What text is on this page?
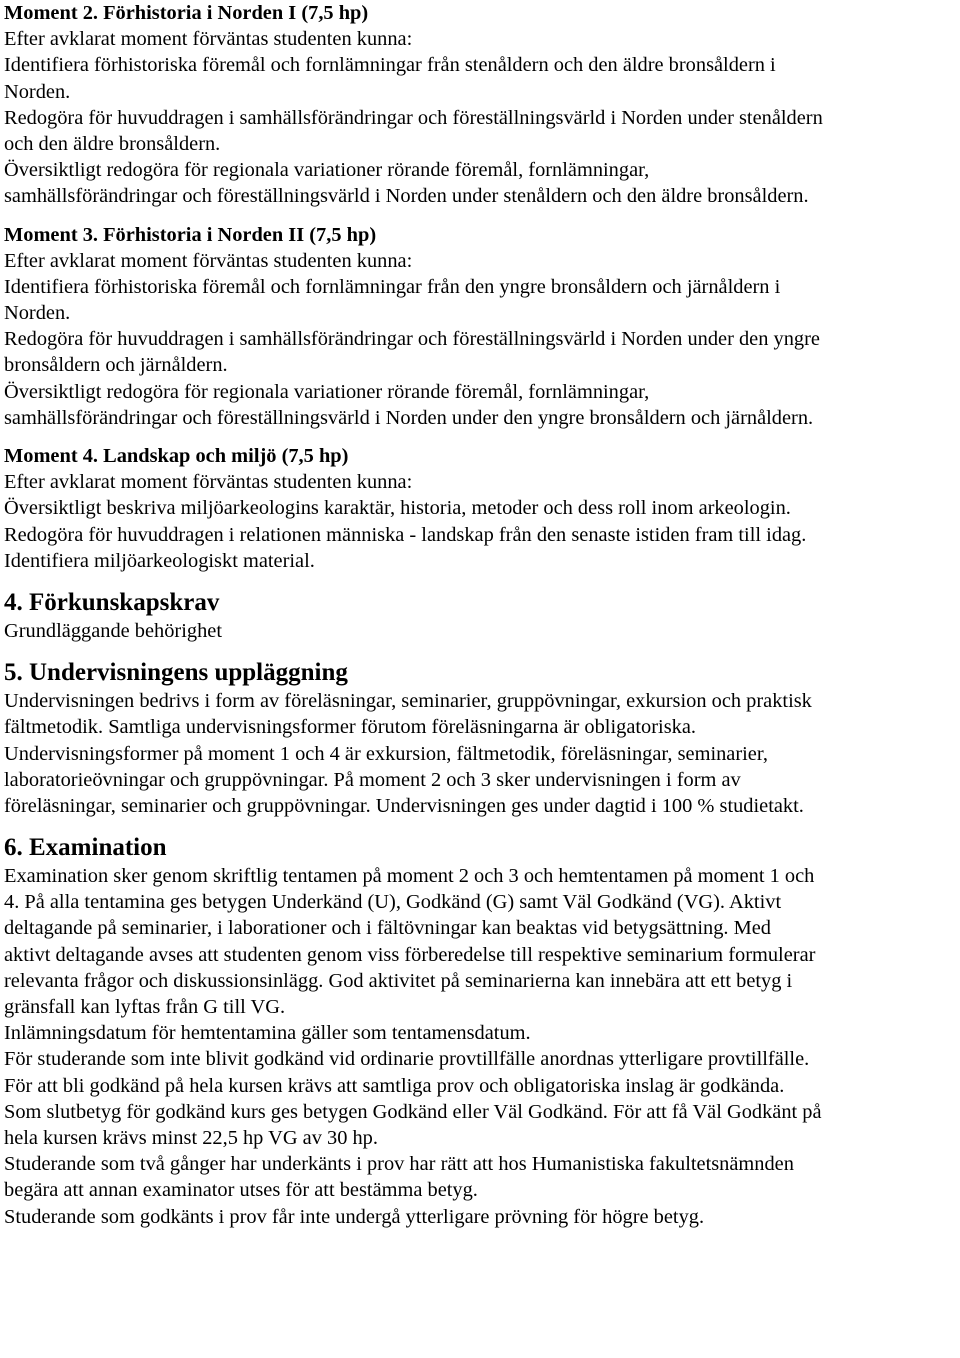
Moment 2. Förhistoria i Norden I (7,5 hp)
Efter avklarat moment förväntas studenten kunna:
Identifiera förhistoriska föremål och fornlämningar från stenåldern och den äldre bronsåldern i
Norden.
Redogöra för huvuddragen i samhällsförändringar och föreställningsvärld i Norden under stenåldern
och den äldre bronsåldern.
Översiktligt redogöra för regionala variationer rörande föremål, fornlämningar,
samhällsförändringar och föreställningsvärld i Norden under stenåldern och den äldre bronsåldern.
Moment 3. Förhistoria i Norden II (7,5 hp)
Efter avklarat moment förväntas studenten kunna:
Identifiera förhistoriska föremål och fornlämningar från den yngre bronsåldern och järnåldern i
Norden.
Redogöra för huvuddragen i samhällsförändringar och föreställningsvärld i Norden under den yngre
bronsåldern och järnåldern.
Översiktligt redogöra för regionala variationer rörande föremål, fornlämningar,
samhällsförändringar och föreställningsvärld i Norden under den yngre bronsåldern och järnåldern.
Moment 4. Landskap och miljö (7,5 hp)
Efter avklarat moment förväntas studenten kunna:
Översiktligt beskriva miljöarkeologins karaktär, historia, metoder och dess roll inom arkeologin.
Redogöra för huvuddragen i relationen människa - landskap från den senaste istiden fram till idag.
Identifiera miljöarkeologiskt material.
4. Förkunskapskrav
Grundläggande behörighet
5. Undervisningens uppläggning
Undervisningen bedrivs i form av föreläsningar, seminarier, gruppövningar, exkursion och praktisk
fältmetodik. Samtliga undervisningsformer förutom föreläsningarna är obligatoriska.
Undervisningsformer på moment 1 och 4 är exkursion, fältmetodik, föreläsningar, seminarier,
laboratorieövningar och gruppövningar. På moment 2 och 3 sker undervisningen i form av
föreläsningar, seminarier och gruppövningar. Undervisningen ges under dagtid i 100 % studietakt.
6. Examination
Examination sker genom skriftlig tentamen på moment 2 och 3 och hemtentamen på moment 1 och
4. På alla tentamina ges betygen Underkänd (U), Godkänd (G) samt Väl Godkänd (VG). Aktivt
deltagande på seminarier, i laborationer och i fältövningar kan beaktas vid betygsättning. Med
aktivt deltagande avses att studenten genom viss förberedelse till respektive seminarium formulerar
relevanta frågor och diskussionsinlägg. God aktivitet på seminarierna kan innebära att ett betyg i
gränsfall kan lyftas från G till VG.
Inlämningsdatum för hemtentamina gäller som tentamensdatum.
För studerande som inte blivit godkänd vid ordinarie provtillfälle anordnas ytterligare provtillfälle.
För att bli godkänd på hela kursen krävs att samtliga prov och obligatoriska inslag är godkända.
Som slutbetyg för godkänd kurs ges betygen Godkänd eller Väl Godkänd. För att få Väl Godkänt på
hela kursen krävs minst 22,5 hp VG av 30 hp.
Studerande som två gånger har underkänts i prov har rätt att hos Humanistiska fakultetsnämnden
begära att annan examinator utses för att bestämma betyg.
Studerande som godkänts i prov får inte undergå ytterligare prövning för högre betyg.
